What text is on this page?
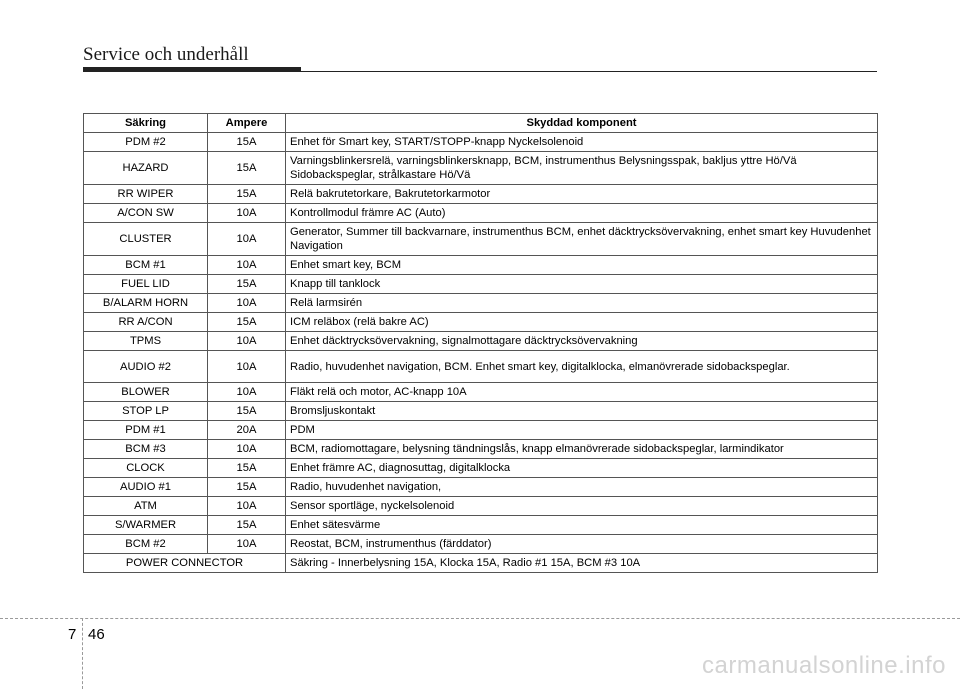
Service och underhåll
Säkring	Ampere	Skyddad komponent
PDM #2	15A	Enhet för Smart key, START/STOPP-knapp Nyckelsolenoid
HAZARD	15A	Varningsblinkersrelä, varningsblinkersknapp, BCM, instrumenthus Belysningsspak, bakljus yttre Hö/Vä Sidobackspeglar, strålkastare Hö/Vä
RR WIPER	15A	Relä bakrutetorkare, Bakrutetorkarmotor
A/CON SW	10A	Kontrollmodul främre AC (Auto)
CLUSTER	10A	Generator, Summer till backvarnare, instrumenthus BCM, enhet däcktrycksövervakning, enhet smart key Huvudenhet Navigation
BCM #1	10A	Enhet smart key, BCM
FUEL LID	15A	Knapp till tanklock
B/ALARM HORN	10A	Relä larmsirén
RR A/CON	15A	ICM reläbox (relä bakre AC)
TPMS	10A	Enhet däcktrycksövervakning, signalmottagare däcktrycksövervakning
AUDIO #2	10A	Radio, huvudenhet navigation, BCM. Enhet smart key, digitalklocka, elmanövrerade sidobackspeglar.
BLOWER	10A	Fläkt relä och motor, AC-knapp 10A
STOP LP	15A	Bromsljuskontakt
PDM #1	20A	PDM
BCM #3	10A	BCM, radiomottagare, belysning tändningslås, knapp elmanövrerade sidobackspeglar, larmindikator
CLOCK	15A	Enhet främre AC, diagnosuttag, digitalklocka
AUDIO #1	15A	Radio, huvudenhet navigation,
ATM	10A	Sensor sportläge, nyckelsolenoid
S/WARMER	15A	Enhet sätesvärme
BCM #2	10A	Reostat, BCM, instrumenthus (färddator)
POWER CONNECTOR		Säkring - Innerbelysning 15A, Klocka 15A, Radio #1 15A, BCM #3 10A
7 46
carmanualsonline.info
